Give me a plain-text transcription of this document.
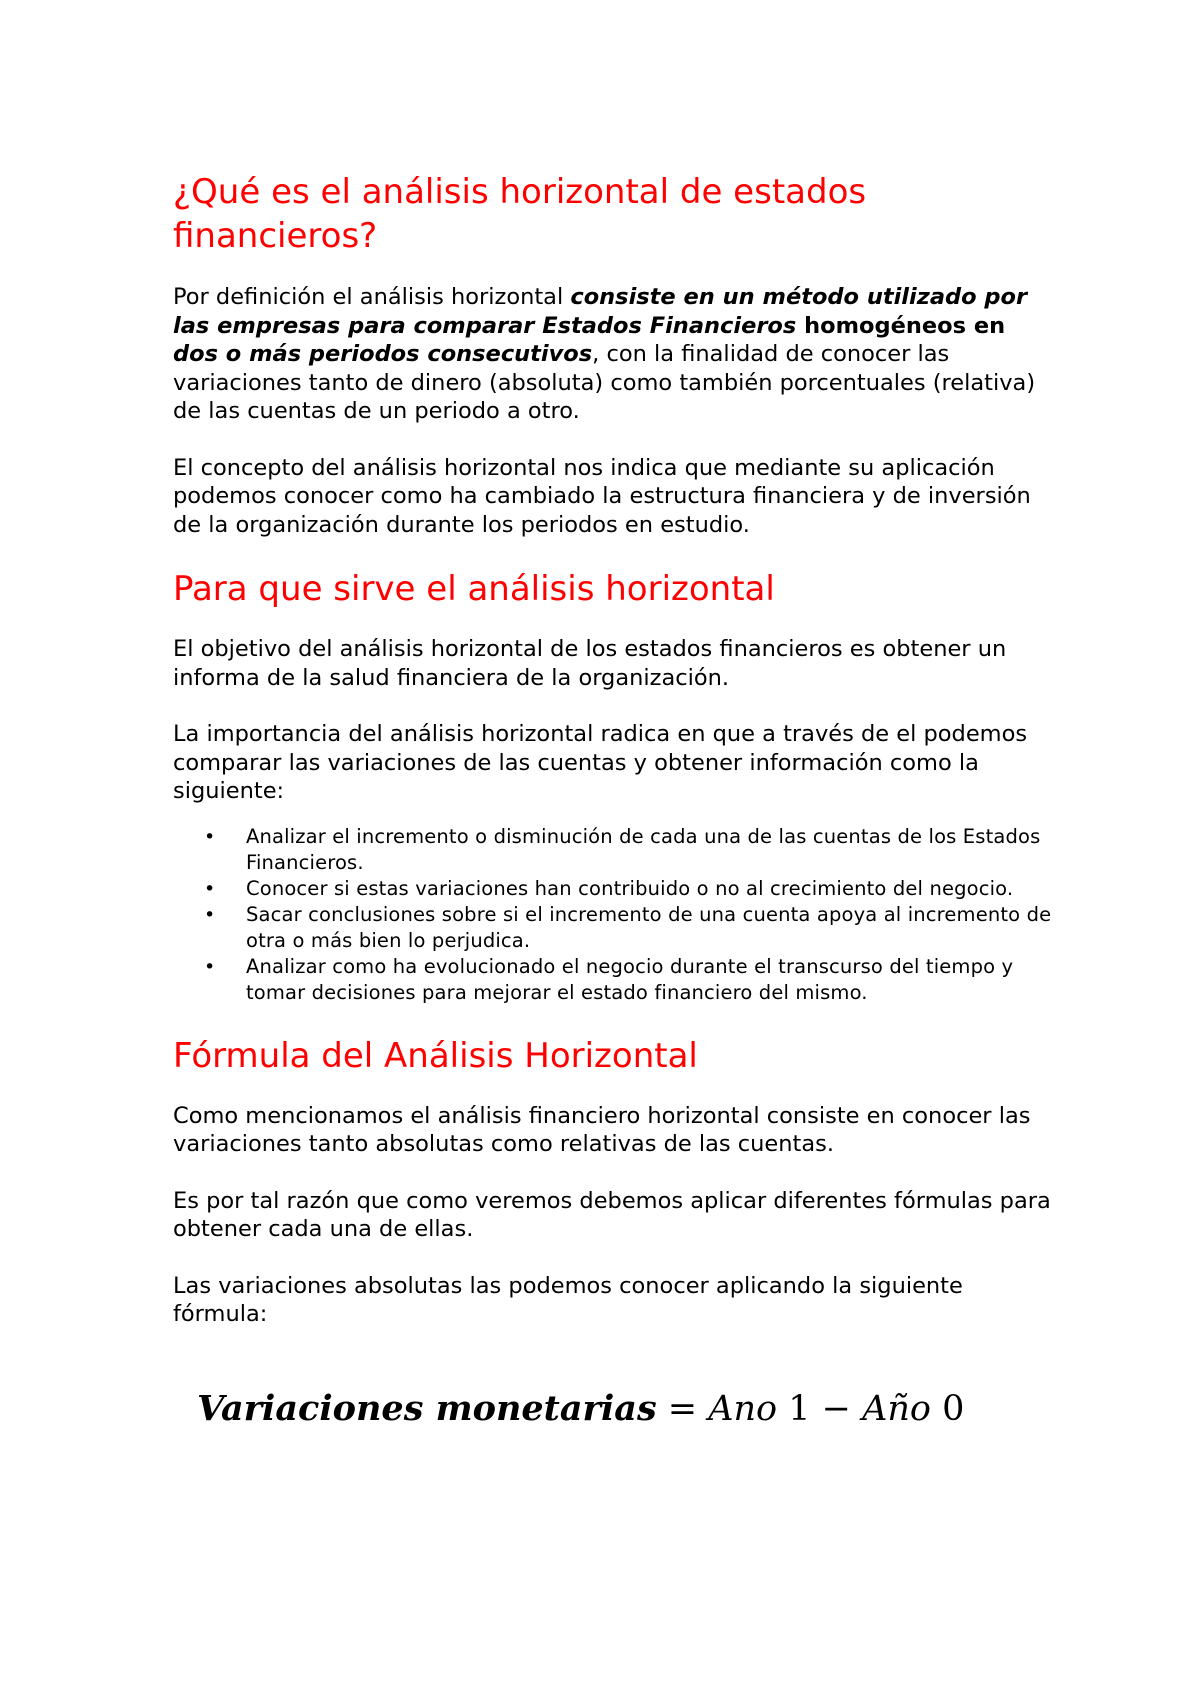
¿Qué es el análisis horizontal de estados financieros?

Por definición el análisis horizontal consiste en un método utilizado por las empresas para comparar Estados Financieros homogéneos en dos o más periodos consecutivos, con la finalidad de conocer las variaciones tanto de dinero (absoluta) como también porcentuales (relativa) de las cuentas de un periodo a otro.

El concepto del análisis horizontal nos indica que mediante su aplicación podemos conocer como ha cambiado la estructura financiera y de inversión de la organización durante los periodos en estudio.

Para que sirve el análisis horizontal

El objetivo del análisis horizontal de los estados financieros es obtener un informa de la salud financiera de la organización.

La importancia del análisis horizontal radica en que a través de el podemos comparar las variaciones de las cuentas y obtener información como la siguiente:

• Analizar el incremento o disminución de cada una de las cuentas de los Estados Financieros.
• Conocer si estas variaciones han contribuido o no al crecimiento del negocio.
• Sacar conclusiones sobre si el incremento de una cuenta apoya al incremento de otra o más bien lo perjudica.
• Analizar como ha evolucionado el negocio durante el transcurso del tiempo y tomar decisiones para mejorar el estado financiero del mismo.
Fórmula del Análisis Horizontal

Como mencionamos el análisis financiero horizontal consiste en conocer las variaciones tanto absolutas como relativas de las cuentas.

Es por tal razón que como veremos debemos aplicar diferentes fórmulas para obtener cada una de ellas.

Las variaciones absolutas las podemos conocer aplicando la siguiente fórmula:

Variaciones monetarias = Ano 1 − Año 0
